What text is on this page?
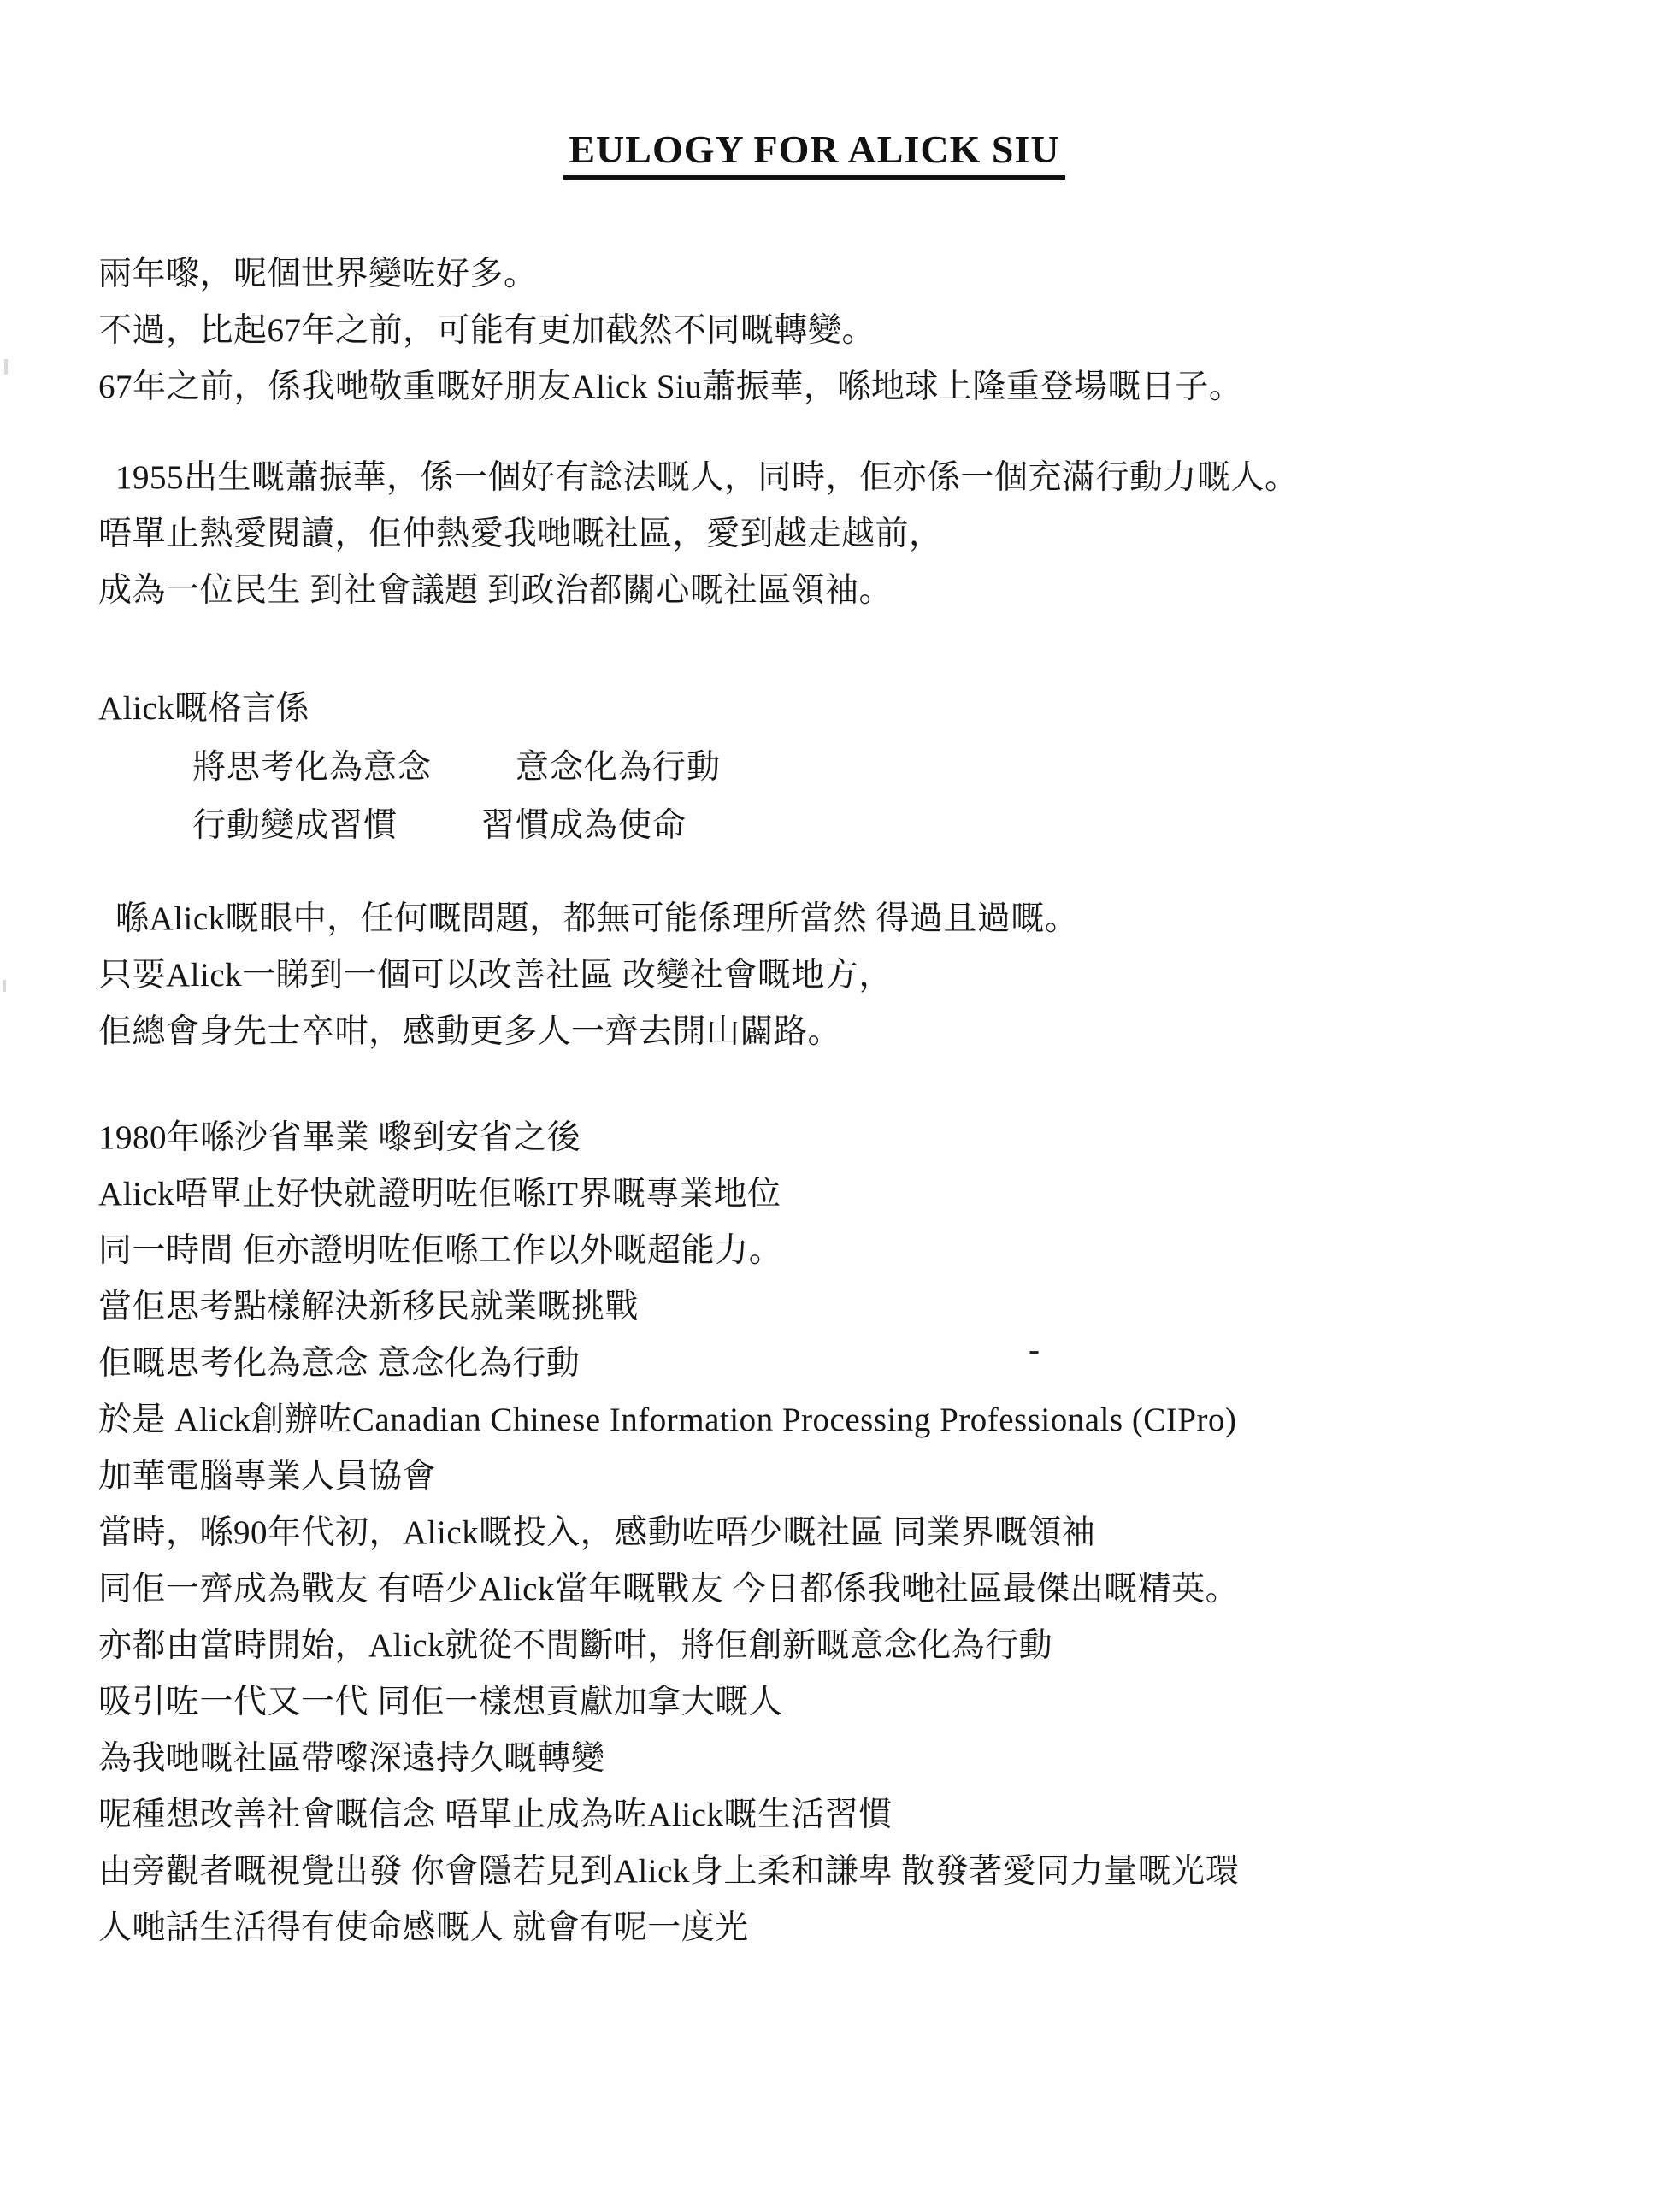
EULOGY FOR ALICK SIU
兩年嚟，呢個世界變咗好多。
不過，比起67年之前，可能有更加截然不同嘅轉變。
67年之前，係我哋敬重嘅好朋友Alick Siu蕭振華，喺地球上隆重登場嘅日子。
1955出生嘅蕭振華，係一個好有諗法嘅人，同時，佢亦係一個充滿行動力嘅人。
唔單止熱愛閱讀，佢仲熱愛我哋嘅社區，愛到越走越前，
成為一位民生 到社會議題 到政治都關心嘅社區領袖。
Alick嘅格言係
將思考化為意念	意念化為行動
行動變成習慣	習慣成為使命
喺Alick嘅眼中，任何嘅問題，都無可能係理所當然 得過且過嘅。
只要Alick一睇到一個可以改善社區 改變社會嘅地方，
佢總會身先士卒咁，感動更多人一齊去開山闢路。
1980年喺沙省畢業 嚟到安省之後
Alick唔單止好快就證明咗佢喺IT界嘅專業地位
同一時間 佢亦證明咗佢喺工作以外嘅超能力。
當佢思考點樣解決新移民就業嘅挑戰
佢嘅思考化為意念 意念化為行動
於是 Alick創辦咗Canadian Chinese Information Processing Professionals (CIPro)
加華電腦專業人員協會
當時，喺90年代初，Alick嘅投入，感動咗唔少嘅社區 同業界嘅領袖
同佢一齊成為戰友 有唔少Alick當年嘅戰友 今日都係我哋社區最傑出嘅精英。
亦都由當時開始，Alick就從不間斷咁，將佢創新嘅意念化為行動
吸引咗一代又一代 同佢一樣想貢獻加拿大嘅人
為我哋嘅社區帶嚟深遠持久嘅轉變
呢種想改善社會嘅信念 唔單止成為咗Alick嘅生活習慣
由旁觀者嘅視覺出發 你會隱若見到Alick身上柔和謙卑 散發著愛同力量嘅光環
人哋話生活得有使命感嘅人 就會有呢一度光
-
